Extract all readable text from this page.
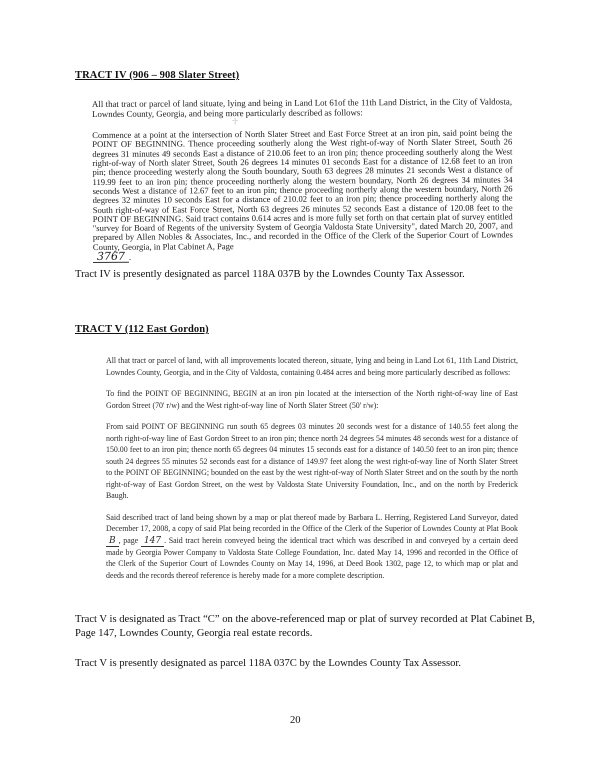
TRACT IV (906 – 908 Slater Street)
·|·

All that tract or parcel of land situate, lying and being in Land Lot 61of the 11th Land District, in the City of Valdosta, Lowndes County, Georgia, and being more particularly described as follows:

Commence at a point at the intersection of North Slater Street and East Force Street at an iron pin, said point being the POINT OF BEGINNING. Thence proceeding southerly along the West right-of-way of North Slater Street, South 26 degrees 31 minutes 49 seconds East a distance of 210.06 feet to an iron pin; thence proceeding southerly along the West right-of-way of North slater Street, South 26 degrees 14 minutes 01 seconds East for a distance of 12.68 feet to an iron pin; thence proceeding westerly along the South boundary, South 63 degrees 28 minutes 21 seconds West a distance of 119.99 feet to an iron pin; thence proceeding northerly along the western boundary, North 26 degrees 34 minutes 34 seconds West a distance of 12.67 feet to an iron pin; thence proceeding northerly along the western boundary, North 26 degrees 32 minutes 10 seconds East for a distance of 210.02 feet to an iron pin; thence proceeding northerly along the South right-of-way of East Force Street, North 63 degrees 26 minutes 52 seconds East a distance of 120.08 feet to the POINT OF BEGINNING. Said tract contains 0.614 acres and is more fully set forth on that certain plat of survey entitled "survey for Board of Regents of the university System of Georgia Valdosta State University", dated March 20, 2007, and prepared by Allen Nobles & Associates, Inc., and recorded in the Office of the Clerk of the Superior Court of Lowndes County, Georgia, in Plat Cabinet A, Page
3767 .

Tract IV is presently designated as parcel 118A 037B by the Lowndes County Tax Assessor.
TRACT V (112 East Gordon)

All that tract or parcel of land, with all improvements located thereon, situate, lying and being in Land Lot 61, 11th Land District, Lowndes County, Georgia, and in the City of Valdosta, containing 0.484 acres and being more particularly described as follows:

To find the POINT OF BEGINNING, BEGIN at an iron pin located at the intersection of the North right-of-way line of East Gordon Street (70' r/w) and the West right-of-way line of North Slater Street (50' r/w):

From said POINT OF BEGINNING run south 65 degrees 03 minutes 20 seconds west for a distance of 140.55 feet along the north right-of-way line of East Gordon Street to an iron pin; thence north 24 degrees 54 minutes 48 seconds west for a distance of 150.00 feet to an iron pin; thence north 65 degrees 04 minutes 15 seconds east for a distance of 140.50 feet to an iron pin; thence south 24 degrees 55 minutes 52 seconds east for a distance of 149.97 feet along the west right-of-way line of North Slater Street to the POINT OF BEGINNING; bounded on the east by the west right-of-way of North Slater Street and on the south by the north right-of-way of East Gordon Street, on the west by Valdosta State University Foundation, Inc., and on the north by Frederick Baugh.

Said described tract of land being shown by a map or plat thereof made by Barbara L. Herring, Registered Land Surveyor, dated December 17, 2008, a copy of said Plat being recorded in the Office of the Clerk of the Superior of Lowndes County at Plat Book B , page 147 . Said tract herein conveyed being the identical tract which was described in and conveyed by a certain deed made by Georgia Power Company to Valdosta State College Foundation, Inc. dated May 14, 1996 and recorded in the Office of the Clerk of the Superior Court of Lowndes County on May 14, 1996, at Deed Book 1302, page 12, to which map or plat and deeds and the records thereof reference is hereby made for a more complete description.

Tract V is designated as Tract “C” on the above-referenced map or plat of survey recorded at Plat Cabinet B, Page 147, Lowndes County, Georgia real estate records.
Tract V is presently designated as parcel 118A 037C by the Lowndes County Tax Assessor.
20
